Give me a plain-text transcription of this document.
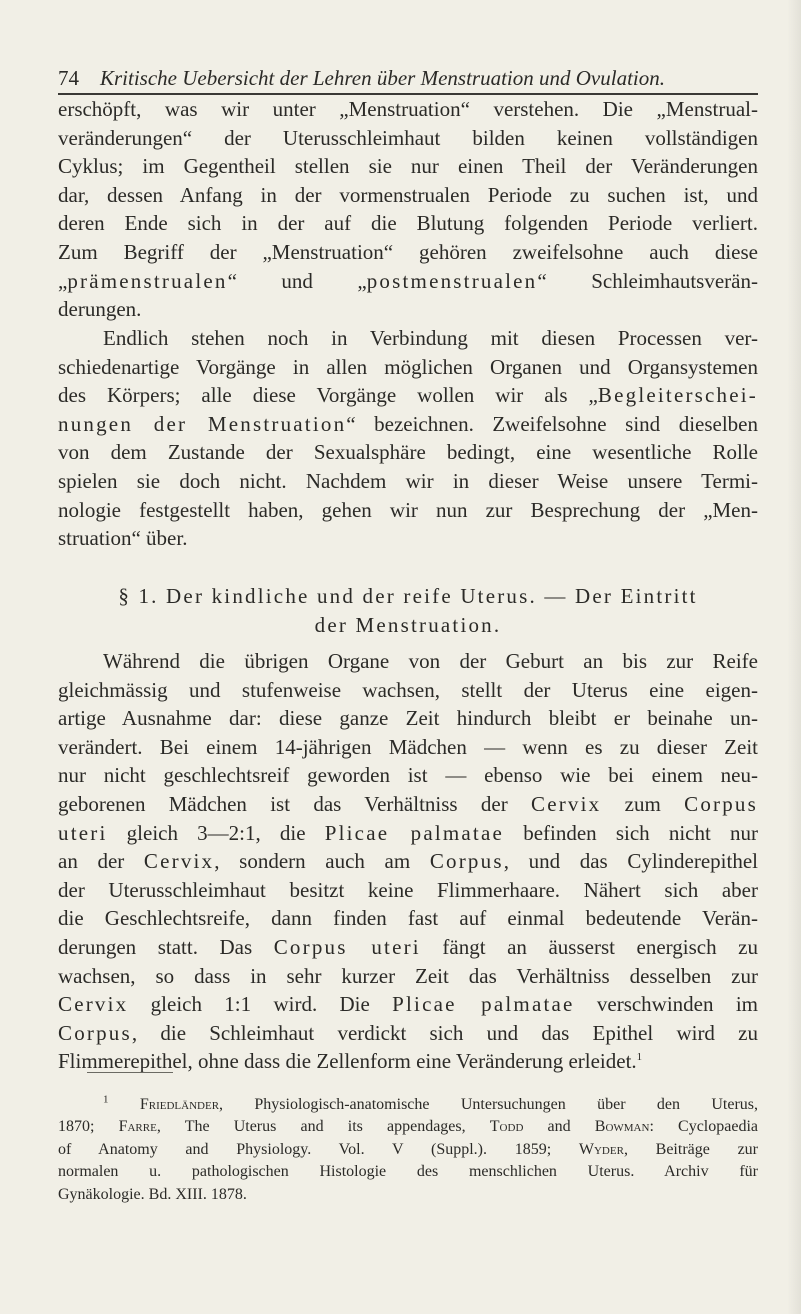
74 Kritische Uebersicht der Lehren über Menstruation und Ovulation.
erschöpft, was wir unter „Menstruation“ verstehen. Die „Menstrual-
veränderungen“ der Uterusschleimhaut bilden keinen vollständigen
Cyklus; im Gegentheil stellen sie nur einen Theil der Veränderungen
dar, dessen Anfang in der vormenstrualen Periode zu suchen ist, und
deren Ende sich in der auf die Blutung folgenden Periode verliert.
Zum Begriff der „Menstruation“ gehören zweifelsohne auch diese
„prämenstrualen“ und „postmenstrualen“ Schleimhautsverän-
derungen.
Endlich stehen noch in Verbindung mit diesen Processen ver-
schiedenartige Vorgänge in allen möglichen Organen und Organsystemen
des Körpers; alle diese Vorgänge wollen wir als „Begleiterschei-
nungen der Menstruation“ bezeichnen. Zweifelsohne sind dieselben
von dem Zustande der Sexualsphäre bedingt, eine wesentliche Rolle
spielen sie doch nicht. Nachdem wir in dieser Weise unsere Termi-
nologie festgestellt haben, gehen wir nun zur Besprechung der „Men-
struation“ über.
§ 1. Der kindliche und der reife Uterus. — Der Eintritt
der Menstruation.
Während die übrigen Organe von der Geburt an bis zur Reife
gleichmässig und stufenweise wachsen, stellt der Uterus eine eigen-
artige Ausnahme dar: diese ganze Zeit hindurch bleibt er beinahe un-
verändert. Bei einem 14-jährigen Mädchen — wenn es zu dieser Zeit
nur nicht geschlechtsreif geworden ist — ebenso wie bei einem neu-
geborenen Mädchen ist das Verhältniss der Cervix zum Corpus
uteri gleich 3—2:1, die Plicae palmatae befinden sich nicht nur
an der Cervix, sondern auch am Corpus, und das Cylinderepithel
der Uterusschleimhaut besitzt keine Flimmerhaare. Nähert sich aber
die Geschlechtsreife, dann finden fast auf einmal bedeutende Verän-
derungen statt. Das Corpus uteri fängt an äusserst energisch zu
wachsen, so dass in sehr kurzer Zeit das Verhältniss desselben zur
Cervix gleich 1:1 wird. Die Plicae palmatae verschwinden im
Corpus, die Schleimhaut verdickt sich und das Epithel wird zu
Flimmerepithel, ohne dass die Zellenform eine Veränderung erleidet.$^1$
$^1$ Friedländer, Physiologisch-anatomische Untersuchungen über den Uterus,
1870; Farre, The Uterus and its appendages, Todd and Bowman: Cyclopaedia
of Anatomy and Physiology. Vol. V (Suppl.). 1859; Wyder, Beiträge zur
normalen u. pathologischen Histologie des menschlichen Uterus. Archiv für
Gynäkologie. Bd. XIII. 1878.
